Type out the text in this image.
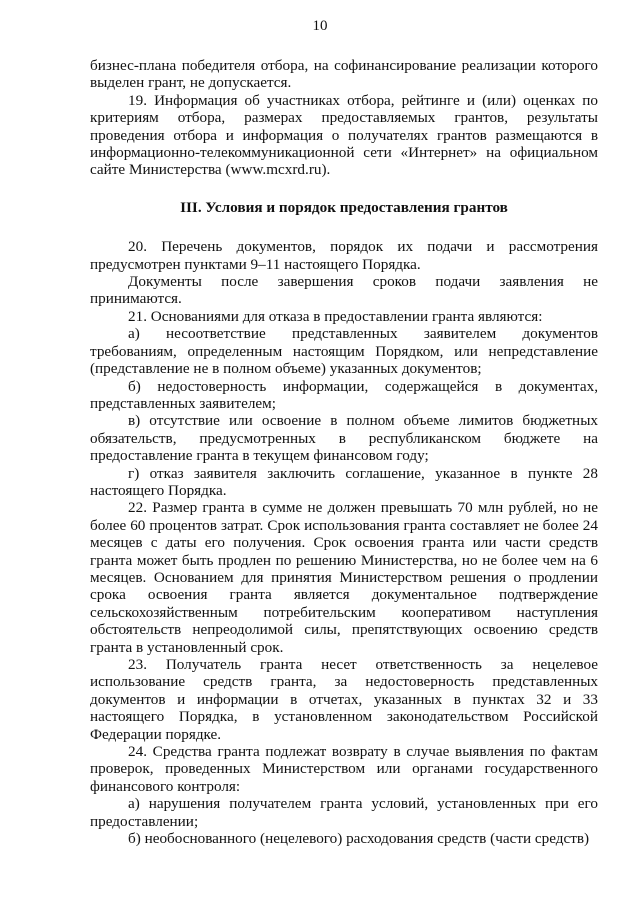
10

бизнес-плана победителя отбора, на софинансирование реализации которого выделен грант, не допускается.

19. Информация об участниках отбора, рейтинге и (или) оценках по критериям отбора, размерах предоставляемых грантов, результаты проведения отбора и информация о получателях грантов размещаются в информационно-телекоммуникационной сети «Интернет» на официальном сайте Министерства (www.mcxrd.ru).

III. Условия и порядок предоставления грантов

20. Перечень документов, порядок их подачи и рассмотрения предусмотрен пунктами 9–11 настоящего Порядка.

Документы после завершения сроков подачи заявления не принимаются.

21. Основаниями для отказа в предоставлении гранта являются:

а) несоответствие представленных заявителем документов требованиям, определенным настоящим Порядком, или непредставление (представление не в полном объеме) указанных документов;

б) недостоверность информации, содержащейся в документах, представленных заявителем;

в) отсутствие или освоение в полном объеме лимитов бюджетных обязательств, предусмотренных в республиканском бюджете на предоставление гранта в текущем финансовом году;

г) отказ заявителя заключить соглашение, указанное в пункте 28 настоящего Порядка.

22. Размер гранта в сумме не должен превышать 70 млн рублей, но не более 60 процентов затрат. Срок использования гранта составляет не более 24 месяцев с даты его получения. Срок освоения гранта или части средств гранта может быть продлен по решению Министерства, но не более чем на 6 месяцев. Основанием для принятия Министерством решения о продлении срока освоения гранта является документальное подтверждение сельскохозяйственным потребительским кооперативом наступления обстоятельств непреодолимой силы, препятствующих освоению средств гранта в установленный срок.

23. Получатель гранта несет ответственность за нецелевое использование средств гранта, за недостоверность представленных документов и информации в отчетах, указанных в пунктах 32 и 33 настоящего Порядка, в установленном законодательством Российской Федерации порядке.

24. Средства гранта подлежат возврату в случае выявления по фактам проверок, проведенных Министерством или органами государственного финансового контроля:

а) нарушения получателем гранта условий, установленных при его предоставлении;

б) необоснованного (нецелевого) расходования средств (части средств)
